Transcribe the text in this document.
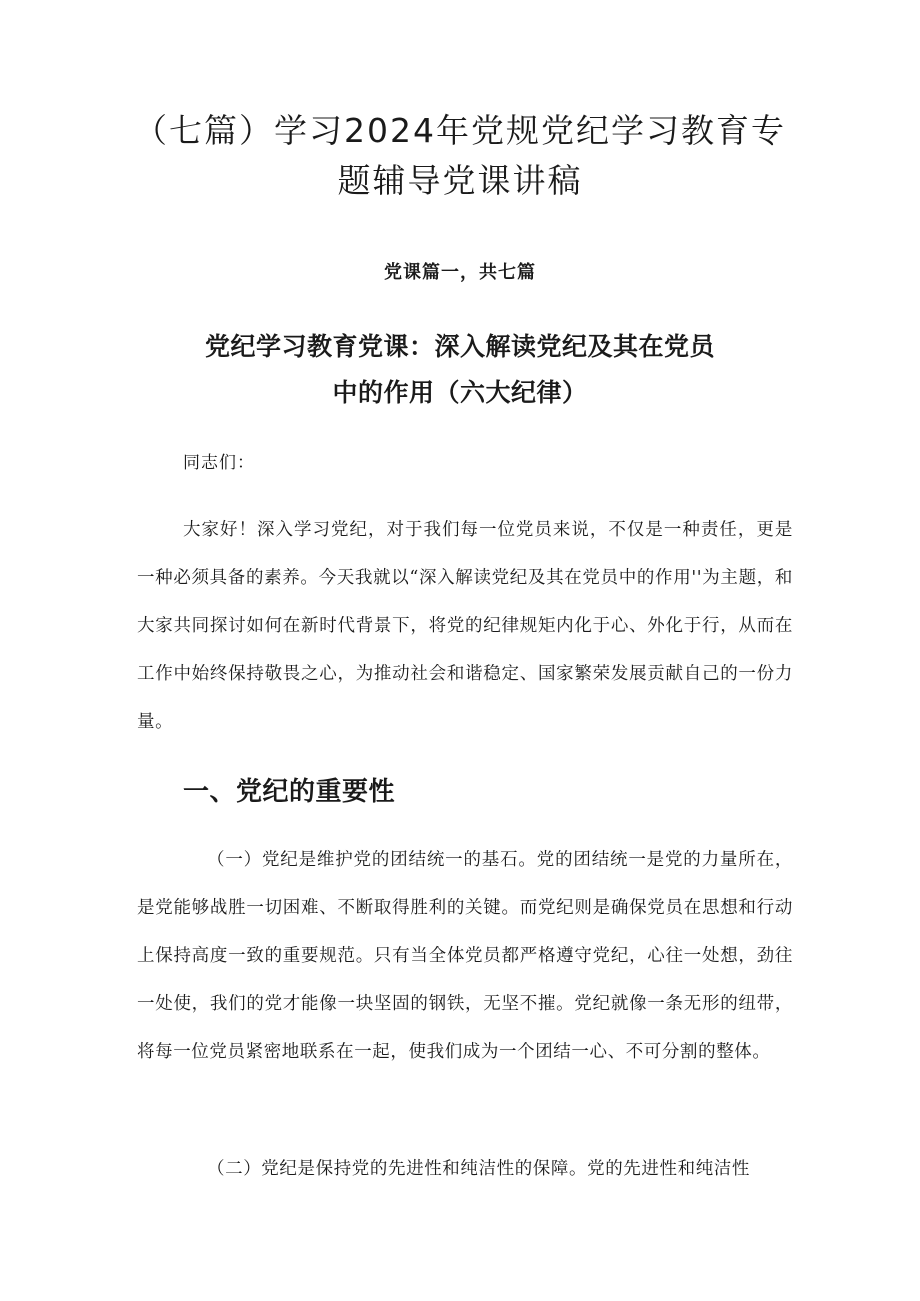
（七篇）学习2024年党规党纪学习教育专
题辅导党课讲稿
党课篇一，共七篇
党纪学习教育党课：深入解读党纪及其在党员
中的作用（六大纪律）
同志们：

大家好！深入学习党纪，对于我们每一位党员来说，不仅是一种责任，更是一种必须具备的素养。今天我就以“深入解读党纪及其在党员中的作用''为主题，和大家共同探讨如何在新时代背景下，将党的纪律规矩内化于心、外化于行，从而在工作中始终保持敬畏之心，为推动社会和谐稳定、国家繁荣发展贡献自己的一份力量。

一、党纪的重要性

（一）党纪是维护党的团结统一的基石。党的团结统一是党的力量所在，是党能够战胜一切困难、不断取得胜利的关键。而党纪则是确保党员在思想和行动上保持高度一致的重要规范。只有当全体党员都严格遵守党纪，心往一处想，劲往一处使，我们的党才能像一块坚固的钢铁，无坚不摧。党纪就像一条无形的纽带，将每一位党员紧密地联系在一起，使我们成为一个团结一心、不可分割的整体。

（二）党纪是保持党的先进性和纯洁性的保障。党的先进性和纯洁性
